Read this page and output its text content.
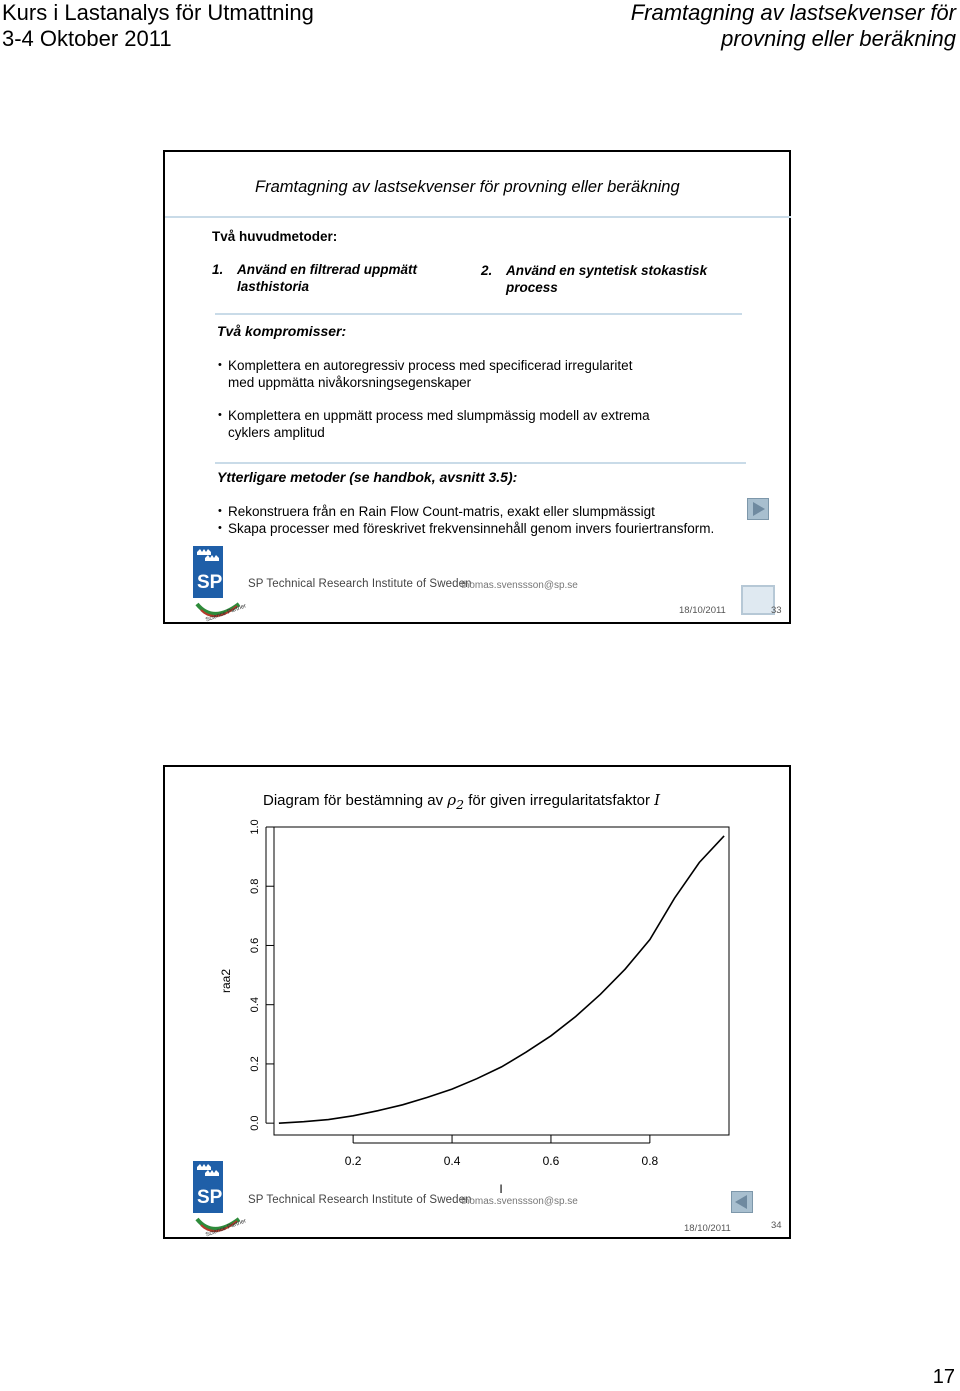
Kurs i Lastanalys för Utmattning
3-4 Oktober 2011
Framtagning av lastsekvenser för
provning eller beräkning
Framtagning av lastsekvenser för provning eller beräkning
Två huvudmetoder:
1. Använd en filtrerad uppmätt
lasthistoria
2. Använd en syntetisk stokastisk
process
Två kompromisser:
• Komplettera en autoregressiv process med specificerad irregularitet
med uppmätta nivåkorsningsegenskaper
• Komplettera en uppmätt process med slumpmässig modell av extrema
cyklers amplitud
Ytterligare metoder (se handbok, avsnitt 3.5):
• Rekonstruera från en Rain Flow Count-matris, exakt eller slumpmässigt
• Skapa processer med föreskrivet frekvensinnehåll genom invers fouriertransform.
SP
Science Partner
SP Technical Research Institute of Sweden
thomas.svenssson@sp.se
18/10/2011	33
Diagram för bestämning av $\rho_2$ för given irregularitatsfaktor I
0.0
0.2
0.4
0.6
0.8
1.0
0.2	0.4	0.6	0.8
raa2
I
SP
Science Partner
SP Technical Research Institute of Sweden
thomas.svenssson@sp.se
18/10/2011	34
17
